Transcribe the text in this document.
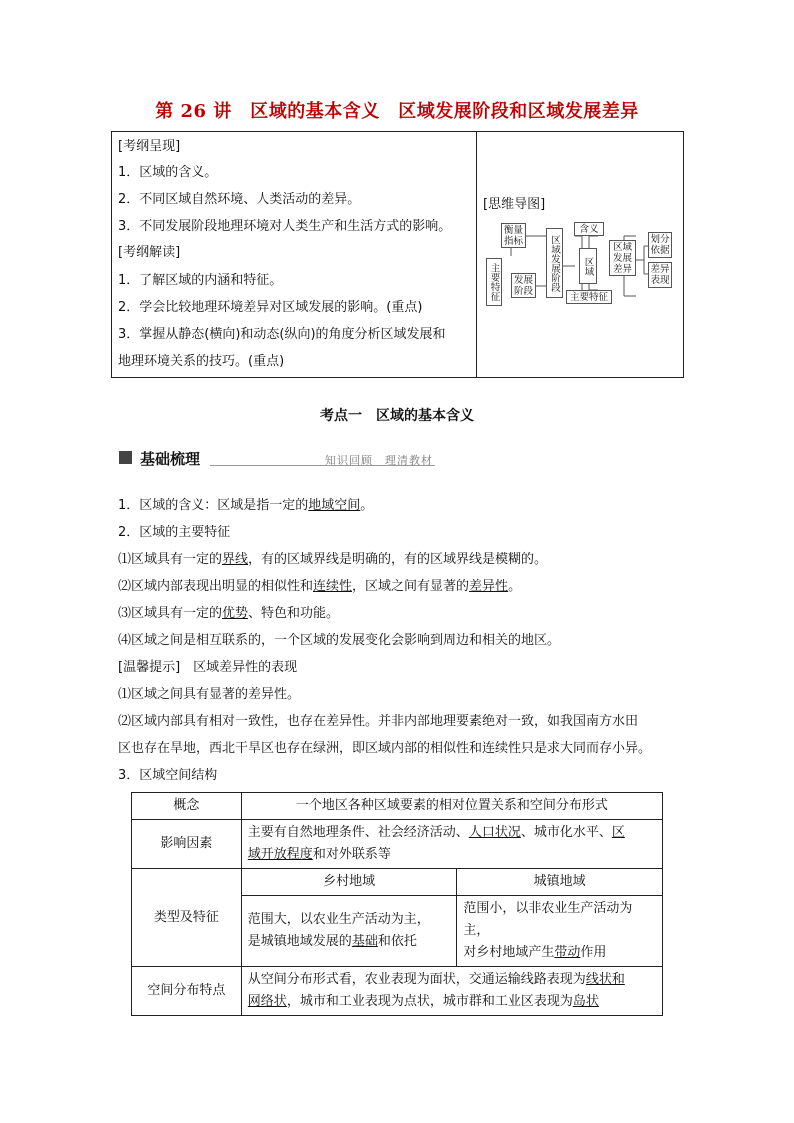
第 26 讲　区域的基本含义　区域发展阶段和区域发展差异
[考纲呈现]
1．区域的含义。
2．不同区域自然环境、人类活动的差异。
3．不同发展阶段地理环境对人类生产和生活方式的影响。
[考纲解读]
1．了解区域的内涵和特征。
2．学会比较地理环境差异对区域发展的影响。(重点)
3．掌握从静态(横向)和动态(纵向)的角度分析区域发展和
地理环境关系的技巧。(重点)
[思维导图]
衡量指标
主要特征	发展阶段	区域发展阶段
含义
区域
主要特征
区域发展差异
划分依据
差异表现
考点一　区域的基本含义
基础梳理	知识回顾　理清教材
1．区域的含义：区域是指一定的地域空间。
2．区域的主要特征
⑴区域具有一定的界线，有的区域界线是明确的，有的区域界线是模糊的。
⑵区域内部表现出明显的相似性和连续性，区域之间有显著的差异性。
⑶区域具有一定的优势、特色和功能。
⑷区域之间是相互联系的，一个区域的发展变化会影响到周边和相关的地区。
[温馨提示]　区域差异性的表现
⑴区域之间具有显著的差异性。
⑵区域内部具有相对一致性，也存在差异性。并非内部地理要素绝对一致，如我国南方水田
区也存在旱地，西北干旱区也存在绿洲，即区域内部的相似性和连续性只是求大同而存小异。
3．区域空间结构
概念	一个地区各种区域要素的相对位置关系和空间分布形式	
影响因素	主要有自然地理条件、社会经济活动、人口状况、城市化水平、区
域开放程度和对外联系等	
类型及特征	乡村地域	城镇地域
	范围大，以农业生产活动为主，
是城镇地域发展的基础和依托	范围小，以非农业生产活动为主，
对乡村地域产生带动作用
空间分布特点	从空间分布形式看，农业表现为面状，交通运输线路表现为线状和
网络状，城市和工业表现为点状，城市群和工业区表现为岛状	
